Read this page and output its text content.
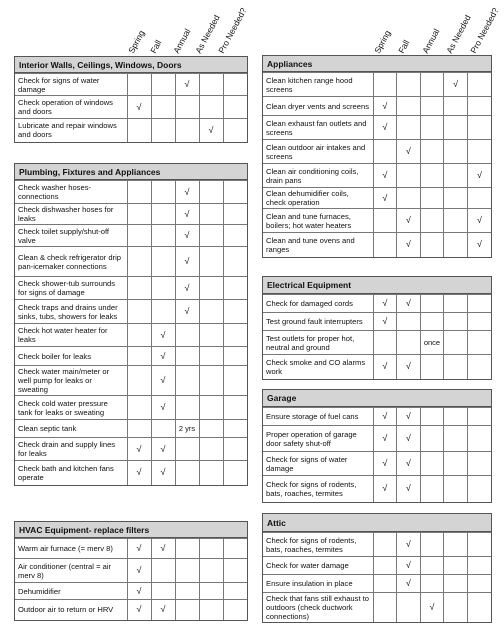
Spring Fall Annual As Needed
Pro Needed?
Interior Walls, Ceilings, Windows, Doors
Check for signs of water damage			√		
Check operation of windows and doors	√				
Lubricate and repair windows and doors				√	
Plumbing, Fixtures and Appliances
Check washer hoses-connections			√		
Check dishwasher hoses for leaks			√		
Check toilet supply/shut-off valve			√		
Clean & check refrigerator drip pan-icemaker connections			√		
Check shower-tub surrounds for signs of damage			√		
Check traps and drains under sinks, tubs, showers for leaks			√		
Check hot water heater for leaks		√			
Check boiler for leaks		√			
Check water main/meter or well pump for leaks or sweating		√			
Check cold water pressure tank for leaks or sweating		√			
Clean septic tank			2 yrs		
Check drain and supply lines for leaks	√	√			
Check bath and kitchen fans operate	√	√			
HVAC Equipment- replace filters
Warm air furnace (= merv 8)	√	√			
Air conditioner (central = air merv 8)	√				
Dehumidifier	√				
Outdoor air to return or HRV	√	√			
Spring Fall Annual As Needed
Pro Needed?
Appliances
Clean kitchen range hood screens				√	
Clean dryer vents and screens	√				
Clean exhaust fan outlets and screens	√				
Clean outdoor air intakes and screens		√			
Clean air conditioning coils, drain pans	√				√
Clean dehumidifier coils, check operation	√				
Clean and tune furnaces, boilers; hot water heaters		√			√
Clean and tune ovens and ranges		√			√
Electrical Equipment
Check for damaged cords	√	√			
Test ground fault interrupters	√				
Test outlets for proper hot, neutral and ground			once		
Check smoke and CO alarms work	√	√			
Garage
Ensure storage of fuel cans	√	√			
Proper operation of garage door safety shut-off	√	√			
Check for signs of water damage	√	√			
Check for signs of rodents, bats, roaches, termites	√	√			
Attic
Check for signs of rodents, bats, roaches, termites		√			
Check for water damage		√			
Ensure insulation in place		√			
Check that fans still exhaust to outdoors (check ductwork connections)			√		
